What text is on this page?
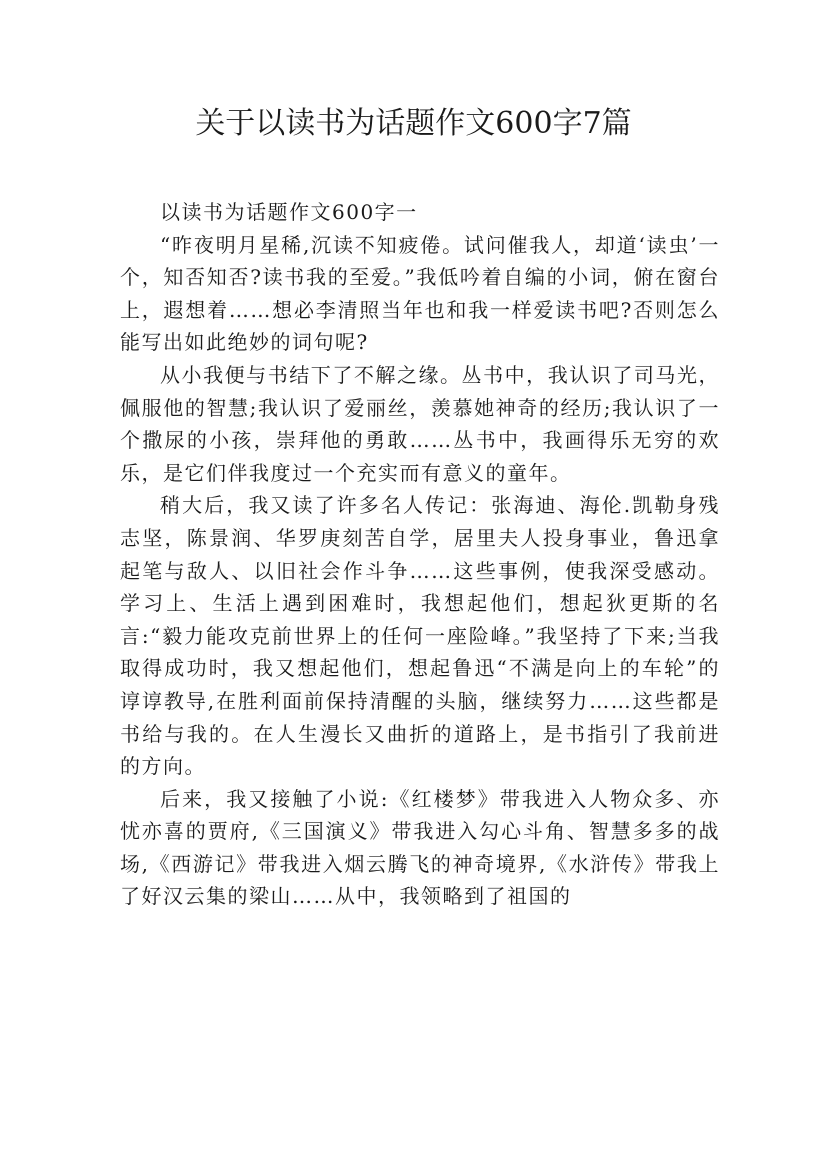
关于以读书为话题作文600字7篇

以读书为话题作文600字一

“昨夜明月星稀,沉读不知疲倦。试问催我人，却道‘读虫’一个，知否知否?读书我的至爱。”我低吟着自编的小词，俯在窗台上，遐想着……想必李清照当年也和我一样爱读书吧?否则怎么能写出如此绝妙的词句呢?

从小我便与书结下了不解之缘。丛书中，我认识了司马光，佩服他的智慧;我认识了爱丽丝，羡慕她神奇的经历;我认识了一个撒尿的小孩，崇拜他的勇敢……丛书中，我画得乐无穷的欢乐，是它们伴我度过一个充实而有意义的童年。

稍大后，我又读了许多名人传记：张海迪、海伦.凯勒身残志坚，陈景润、华罗庚刻苦自学，居里夫人投身事业，鲁迅拿起笔与敌人、以旧社会作斗争……这些事例，使我深受感动。学习上、生活上遇到困难时，我想起他们，想起狄更斯的名言:“毅力能攻克前世界上的任何一座险峰。”我坚持了下来;当我取得成功时，我又想起他们，想起鲁迅“不满是向上的车轮”的谆谆教导,在胜利面前保持清醒的头脑，继续努力……这些都是书给与我的。在人生漫长又曲折的道路上，是书指引了我前进的方向。

后来，我又接触了小说:《红楼梦》带我进入人物众多、亦忧亦喜的贾府,《三国演义》带我进入勾心斗角、智慧多多的战场,《西游记》带我进入烟云腾飞的神奇境界,《水浒传》带我上了好汉云集的梁山……从中，我领略到了祖国的
